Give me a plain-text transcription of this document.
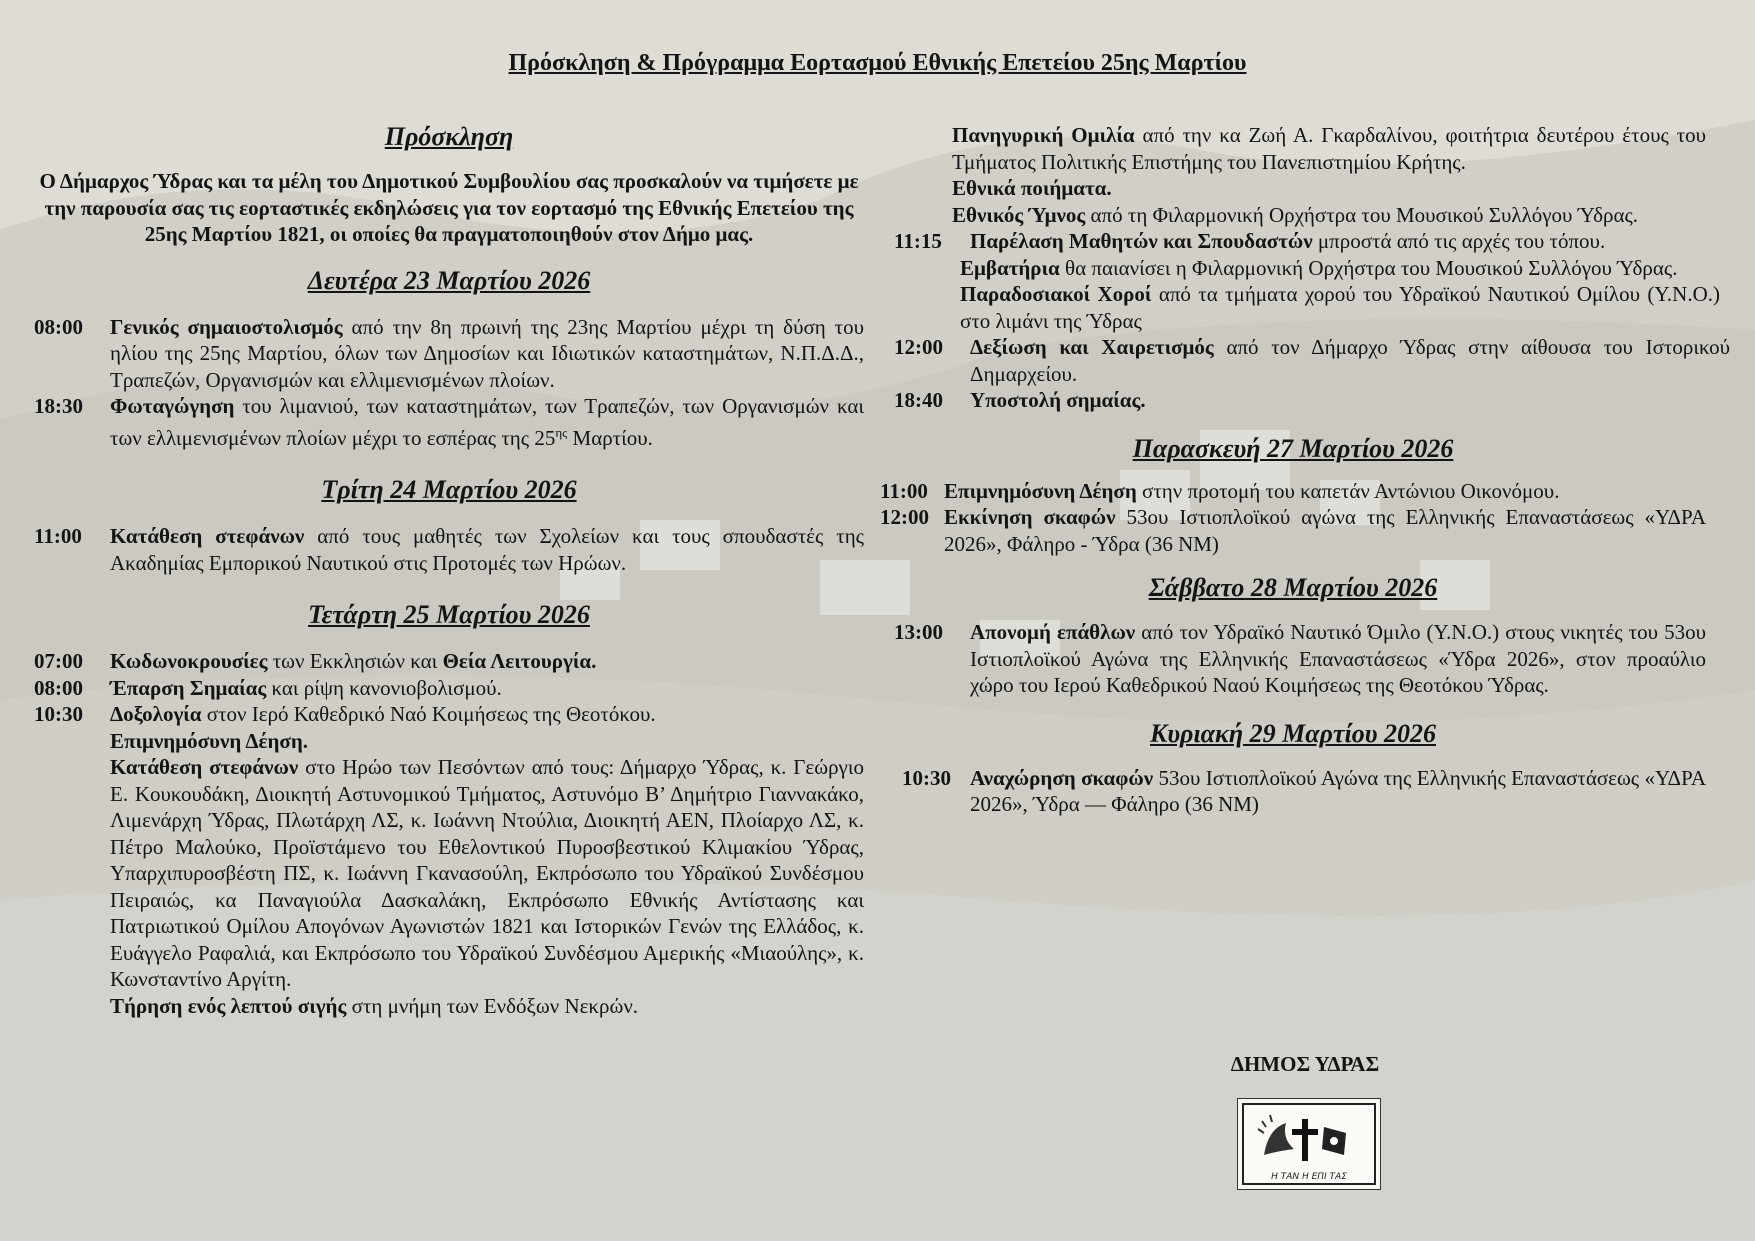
Πρόσκληση & Πρόγραμμα Εορτασμού Εθνικής Επετείου 25ης Μαρτίου
Πρόσκληση

Ο Δήμαρχος Ύδρας και τα μέλη του Δημοτικού Συμβουλίου σας προσκαλούν να τιμήσετε με την παρουσία σας τις εορταστικές εκδηλώσεις για τον εορτασμό της Εθνικής Επετείου της 25ης Μαρτίου 1821, οι οποίες θα πραγματοποιηθούν στον Δήμο μας.

Δευτέρα 23 Μαρτίου 2026
08:00 Γενικός σημαιοστολισμός από την 8η πρωινή της 23ης Μαρτίου μέχρι τη δύση του ηλίου της 25ης Μαρτίου, όλων των Δημοσίων και Ιδιωτικών καταστημάτων, Ν.Π.Δ.Δ., Τραπεζών, Οργανισμών και ελλιμενισμένων πλοίων.
18:30 Φωταγώγηση του λιμανιού, των καταστημάτων, των Τραπεζών, των Οργανισμών και των ελλιμενισμένων πλοίων μέχρι το εσπέρας της $25^{\eta\varsigma}$ Μαρτίου.
Τρίτη 24 Μαρτίου 2026
11:00 Κατάθεση στεφάνων από τους μαθητές των Σχολείων και τους σπουδαστές της Ακαδημίας Εμπορικού Ναυτικού στις Προτομές των Ηρώων.
Τετάρτη 25 Μαρτίου 2026
07:00 Κωδωνοκρουσίες των Εκκλησιών και Θεία Λειτουργία.
08:00 Έπαρση Σημαίας και ρίψη κανονιοβολισμού.
10:30 Δοξολογία στον Ιερό Καθεδρικό Ναό Κοιμήσεως της Θεοτόκου.
Επιμνημόσυνη Δέηση.
Κατάθεση στεφάνων στο Ηρώο των Πεσόντων από τους: Δήμαρχο Ύδρας, κ. Γεώργιο Ε. Κουκουδάκη, Διοικητή Αστυνομικού Τμήματος, Αστυνόμο Β’ Δημήτριο Γιαννακάκο, Λιμενάρχη Ύδρας, Πλωτάρχη ΛΣ, κ. Ιωάννη Ντούλια, Διοικητή ΑΕΝ, Πλοίαρχο ΛΣ, κ. Πέτρο Μαλούκο, Προϊστάμενο του Εθελοντικού Πυροσβεστικού Κλιμακίου Ύδρας, Υπαρχιπυροσβέστη ΠΣ, κ. Ιωάννη Γκανασούλη, Εκπρόσωπο του Υδραϊκού Συνδέσμου Πειραιώς, κα Παναγιούλα Δασκαλάκη, Εκπρόσωπο Εθνικής Αντίστασης και Πατριωτικού Ομίλου Απογόνων Αγωνιστών 1821 και Ιστορικών Γενών της Ελλάδος, κ. Ευάγγελο Ραφαλιά, και Εκπρόσωπο του Υδραϊκού Συνδέσμου Αμερικής «Μιαούλης», κ. Κωνσταντίνο Αργίτη.
Τήρηση ενός λεπτού σιγής στη μνήμη των Ενδόξων Νεκρών.
Πανηγυρική Ομιλία από την κα Ζωή Α. Γκαρδαλίνου, φοιτήτρια δευτέρου έτους του Τμήματος Πολιτικής Επιστήμης του Πανεπιστημίου Κρήτης.
Εθνικά ποιήματα.
Εθνικός Ύμνος από τη Φιλαρμονική Ορχήστρα του Μουσικού Συλλόγου Ύδρας.
11:15 Παρέλαση Μαθητών και Σπουδαστών μπροστά από τις αρχές του τόπου.
Εμβατήρια θα παιανίσει η Φιλαρμονική Ορχήστρα του Μουσικού Συλλόγου Ύδρας.
Παραδοσιακοί Χοροί από τα τμήματα χορού του Υδραϊκού Ναυτικού Ομίλου (Υ.Ν.Ο.) στο λιμάνι της Ύδρας
12:00 Δεξίωση και Χαιρετισμός από τον Δήμαρχο Ύδρας στην αίθουσα του Ιστορικού Δημαρχείου.
18:40 Υποστολή σημαίας.
Παρασκευή 27 Μαρτίου 2026
11:00 Επιμνημόσυνη Δέηση στην προτομή του καπετάν Αντώνιου Οικονόμου.
12:00 Εκκίνηση σκαφών 53ου Ιστιοπλοϊκού αγώνα της Ελληνικής Επαναστάσεως «ΥΔΡΑ 2026», Φάληρο - Ύδρα (36 ΝΜ)
Σάββατο 28 Μαρτίου 2026
13:00 Απονομή επάθλων από τον Υδραϊκό Ναυτικό Όμιλο (Υ.Ν.Ο.) στους νικητές του 53ου Ιστιοπλοϊκού Αγώνα της Ελληνικής Επαναστάσεως «Ύδρα 2026», στον προαύλιο χώρο του Ιερού Καθεδρικού Ναού Κοιμήσεως της Θεοτόκου Ύδρας.
Κυριακή 29 Μαρτίου 2026
10:30 Αναχώρηση σκαφών 53ου Ιστιοπλοϊκού Αγώνα της Ελληνικής Επαναστάσεως «ΥΔΡΑ 2026», Ύδρα — Φάληρο (36 ΝΜ)
ΔΗΜΟΣ ΥΔΡΑΣ
Η ΤΑΝ Η ΕΠΙ ΤΑΣ
